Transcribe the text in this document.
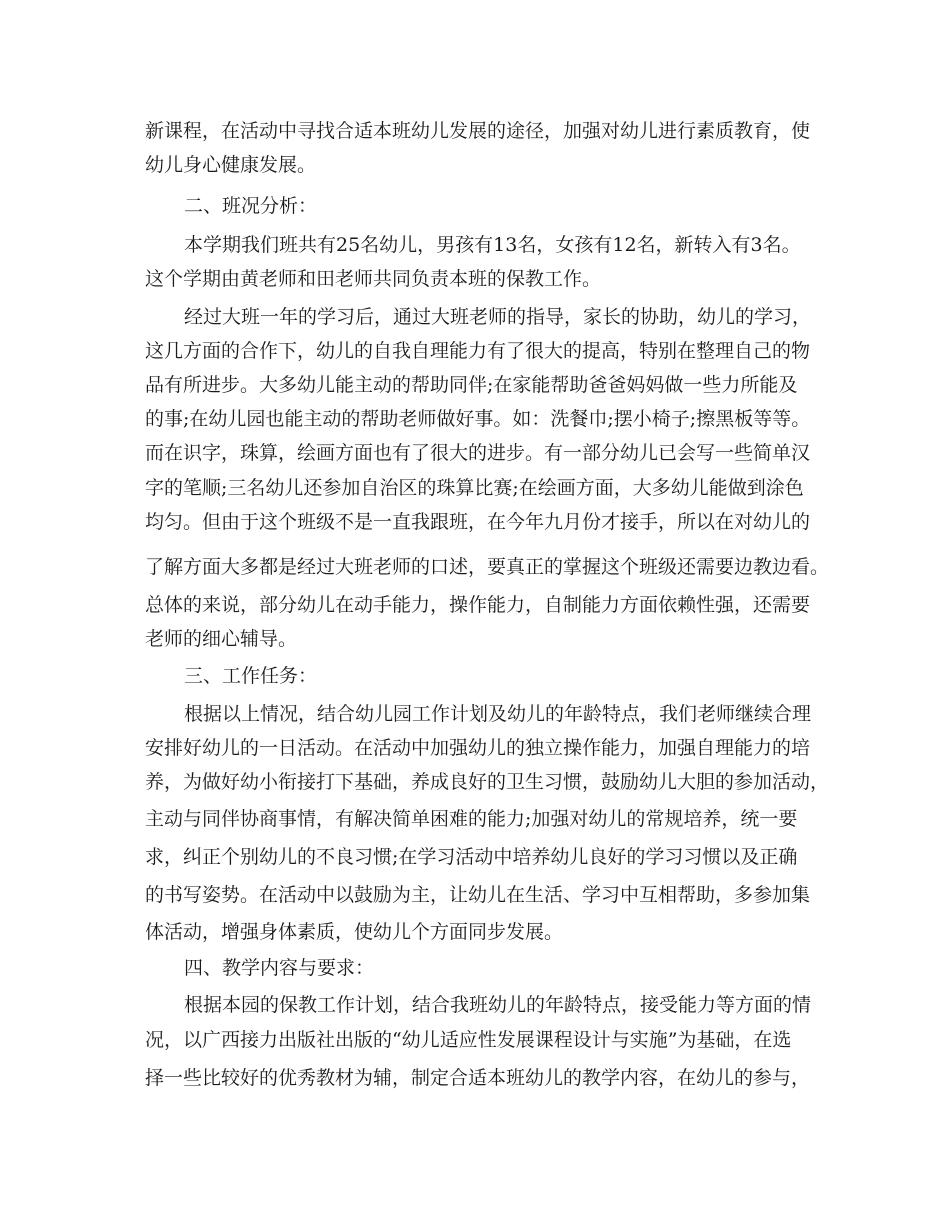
新课程，在活动中寻找合适本班幼儿发展的途径，加强对幼儿进行素质教育，使
幼儿身心健康发展。
二、班况分析：
本学期我们班共有25名幼儿，男孩有13名，女孩有12名，新转入有3名。
这个学期由黄老师和田老师共同负责本班的保教工作。
经过大班一年的学习后，通过大班老师的指导，家长的协助，幼儿的学习，
这几方面的合作下，幼儿的自我自理能力有了很大的提高，特别在整理自己的物
品有所进步。大多幼儿能主动的帮助同伴;在家能帮助爸爸妈妈做一些力所能及
的事;在幼儿园也能主动的帮助老师做好事。如：洗餐巾;摆小椅子;擦黑板等等。
而在识字，珠算，绘画方面也有了很大的进步。有一部分幼儿已会写一些简单汉
字的笔顺;三名幼儿还参加自治区的珠算比赛;在绘画方面，大多幼儿能做到涂色
均匀。但由于这个班级不是一直我跟班，在今年九月份才接手，所以在对幼儿的
了解方面大多都是经过大班老师的口述，要真正的掌握这个班级还需要边教边看。
总体的来说，部分幼儿在动手能力，操作能力，自制能力方面依赖性强，还需要
老师的细心辅导。
三、工作任务：
根据以上情况，结合幼儿园工作计划及幼儿的年龄特点，我们老师继续合理
安排好幼儿的一日活动。在活动中加强幼儿的独立操作能力，加强自理能力的培
养，为做好幼小衔接打下基础，养成良好的卫生习惯，鼓励幼儿大胆的参加活动，
主动与同伴协商事情，有解决简单困难的能力;加强对幼儿的常规培养，统一要
求，纠正个别幼儿的不良习惯;在学习活动中培养幼儿良好的学习习惯以及正确
的书写姿势。在活动中以鼓励为主，让幼儿在生活、学习中互相帮助，多参加集
体活动，增强身体素质，使幼儿个方面同步发展。
四、教学内容与要求：
根据本园的保教工作计划，结合我班幼儿的年龄特点，接受能力等方面的情
况，以广西接力出版社出版的“幼儿适应性发展课程设计与实施”为基础，在选
择一些比较好的优秀教材为辅，制定合适本班幼儿的教学内容，在幼儿的参与，
